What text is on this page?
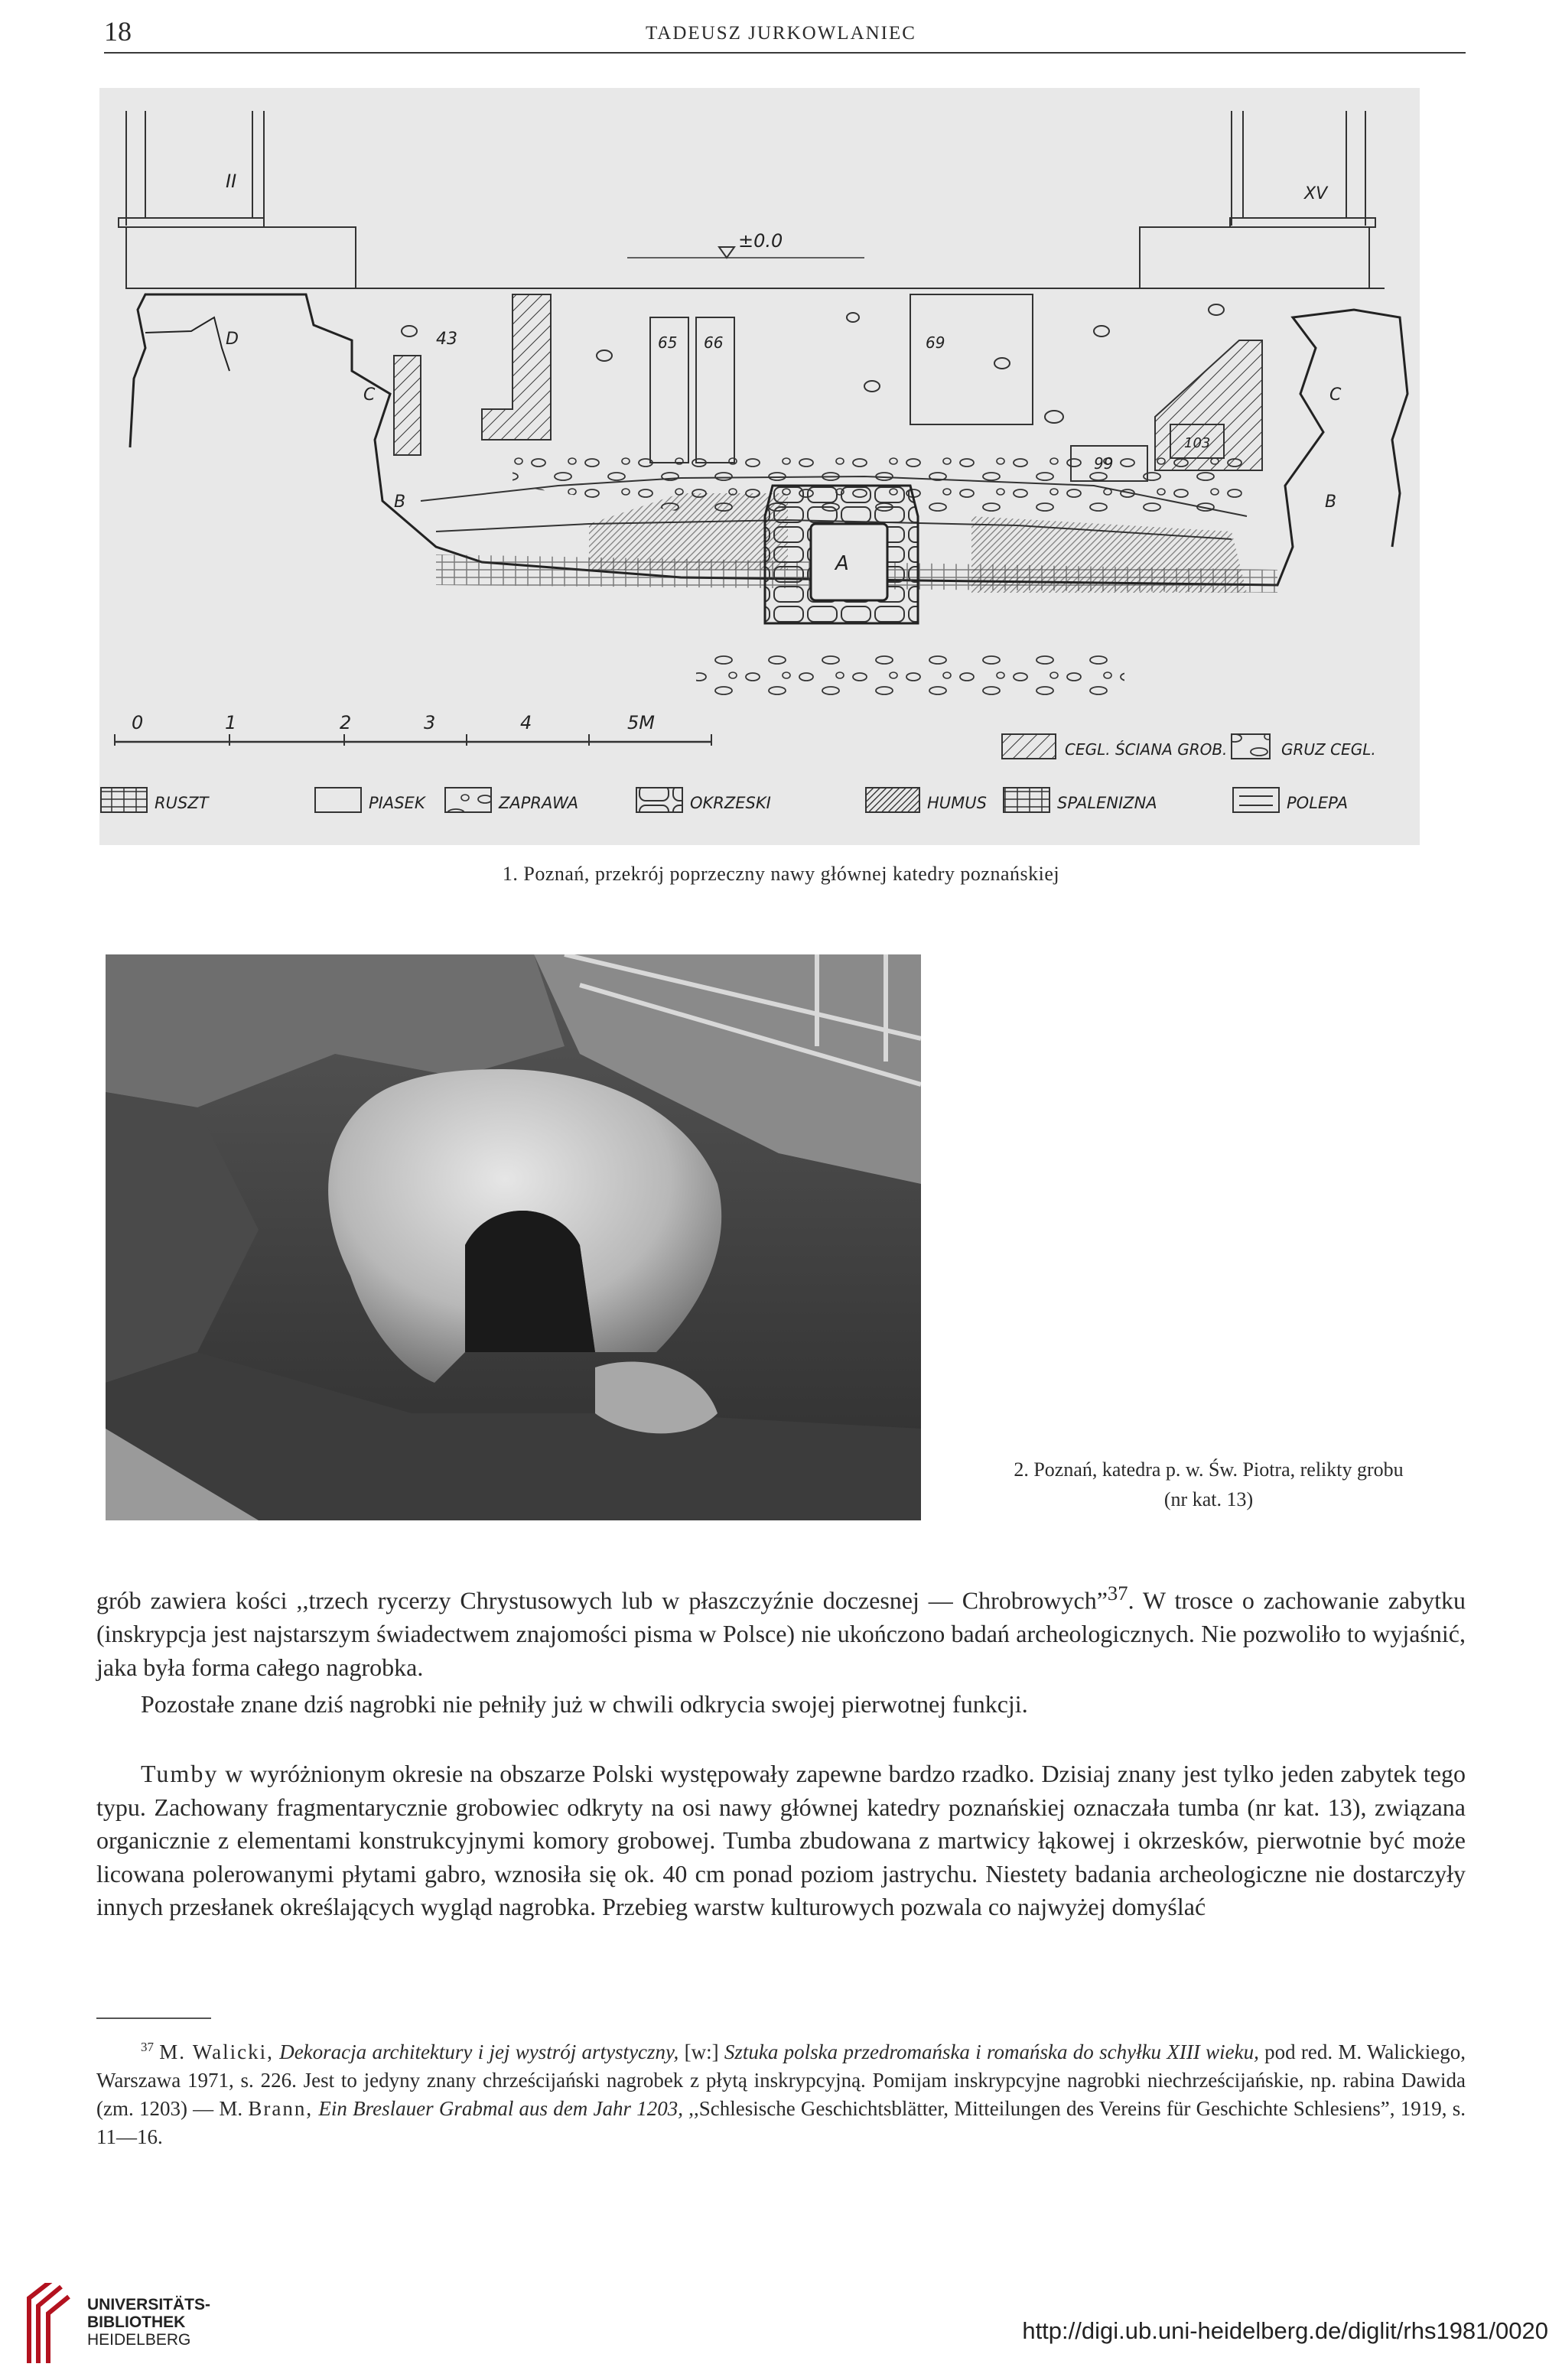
18	TADEUSZ JURKOWLANIEC
II
XV
±0.0
A
65 66	69
99
103
43
D
C
B
C
B
0	1	2	3	4	5M
CEGL. ŚCIANA GROB.	GRUZ CEGL.
RUSZT	PIASEK	ZAPRAWA	OKRZESKI	HUMUS	SPALENIZNA	POLEPA
1. Poznań, przekrój poprzeczny nawy głównej katedry poznańskiej
2. Poznań, katedra p. w. Św. Piotra, relikty grobu
(nr kat. 13)
grób zawiera kości ,,trzech rycerzy Chrystusowych lub w płaszczyźnie doczesnej — Chrobrowych”$^{37}$. W trosce o zachowanie zabytku (inskrypcja jest najstarszym świadectwem znajomości pisma w Polsce) nie ukończono badań archeologicznych. Nie pozwoliło to wyjaśnić, jaka była forma całego nagrobka.
Pozostałe znane dziś nagrobki nie pełniły już w chwili odkrycia swojej pierwotnej funkcji.
Tumby w wyróżnionym okresie na obszarze Polski występowały zapewne bardzo rzadko. Dzisiaj znany jest tylko jeden zabytek tego typu. Zachowany fragmentarycznie grobowiec odkryty na osi nawy głównej katedry poznańskiej oznaczała tumba (nr kat. 13), związana organicznie z elementami konstrukcyjnymi komory grobowej. Tumba zbudowana z martwicy łąkowej i okrzesków, pierwotnie być może licowana polerowanymi płytami gabro, wznosiła się ok. 40 cm ponad poziom jastrychu. Niestety badania archeologiczne nie dostarczyły innych przesłanek określających wygląd nagrobka. Przebieg warstw kulturowych pozwala co najwyżej domyślać
$^{37}$ M. Walicki, Dekoracja architektury i jej wystrój artystyczny, [w:] Sztuka polska przedromańska i romańska do schyłku XIII wieku, pod red. M. Walickiego, Warszawa 1971, s. 226. Jest to jedyny znany chrześcijański nagrobek z płytą inskrypcyjną. Pomijam inskrypcyjne nagrobki niechrześcijańskie, np. rabina Dawida (zm. 1203) — M. Brann, Ein Breslauer Grabmal aus dem Jahr 1203, ,,Schlesische Geschichtsblätter, Mitteilungen des Vereins für Geschichte Schlesiens”, 1919, s. 11—16.
UNIVERSITÄTS-
BIBLIOTHEK
HEIDELBERG	http://digi.ub.uni-heidelberg.de/diglit/rhs1981/0020
